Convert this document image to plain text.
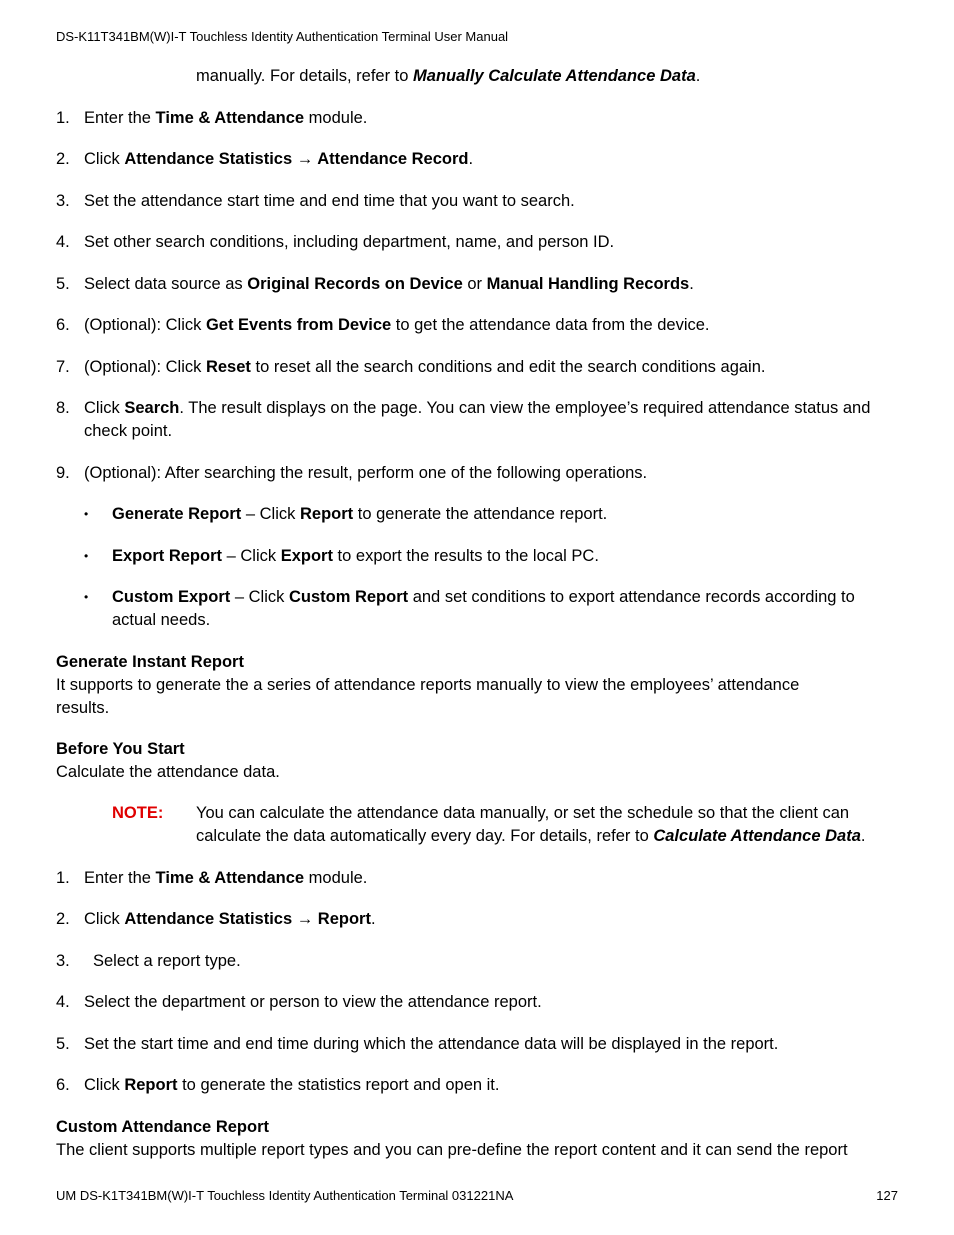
DS-K11T341BM(W)I-T Touchless Identity Authentication Terminal User Manual
manually. For details, refer to Manually Calculate Attendance Data.
1. Enter the Time & Attendance module.
2. Click Attendance Statistics → Attendance Record.
3. Set the attendance start time and end time that you want to search.
4. Set other search conditions, including department, name, and person ID.
5. Select data source as Original Records on Device or Manual Handling Records.
6. (Optional): Click Get Events from Device to get the attendance data from the device.
7. (Optional): Click Reset to reset all the search conditions and edit the search conditions again.
8. Click Search. The result displays on the page. You can view the employee’s required attendance status and check point.
9. (Optional): After searching the result, perform one of the following operations.
•	Generate Report – Click Report to generate the attendance report.
•	Export Report – Click Export to export the results to the local PC.
•	Custom Export – Click Custom Report and set conditions to export attendance records according to actual needs.
Generate Instant Report
It supports to generate the a series of attendance reports manually to view the employees’ attendance results.
Before You Start
Calculate the attendance data.
NOTE:	You can calculate the attendance data manually, or set the schedule so that the client can calculate the data automatically every day. For details, refer to Calculate Attendance Data.
1. Enter the Time & Attendance module.
2. Click Attendance Statistics → Report.
3.	Select a report type.
4. Select the department or person to view the attendance report.
5. Set the start time and end time during which the attendance data will be displayed in the report.
6. Click Report to generate the statistics report and open it.
Custom Attendance Report
The client supports multiple report types and you can pre-define the report content and it can send the report
UM DS-K1T341BM(W)I-T Touchless Identity Authentication Terminal 031221NA	127
